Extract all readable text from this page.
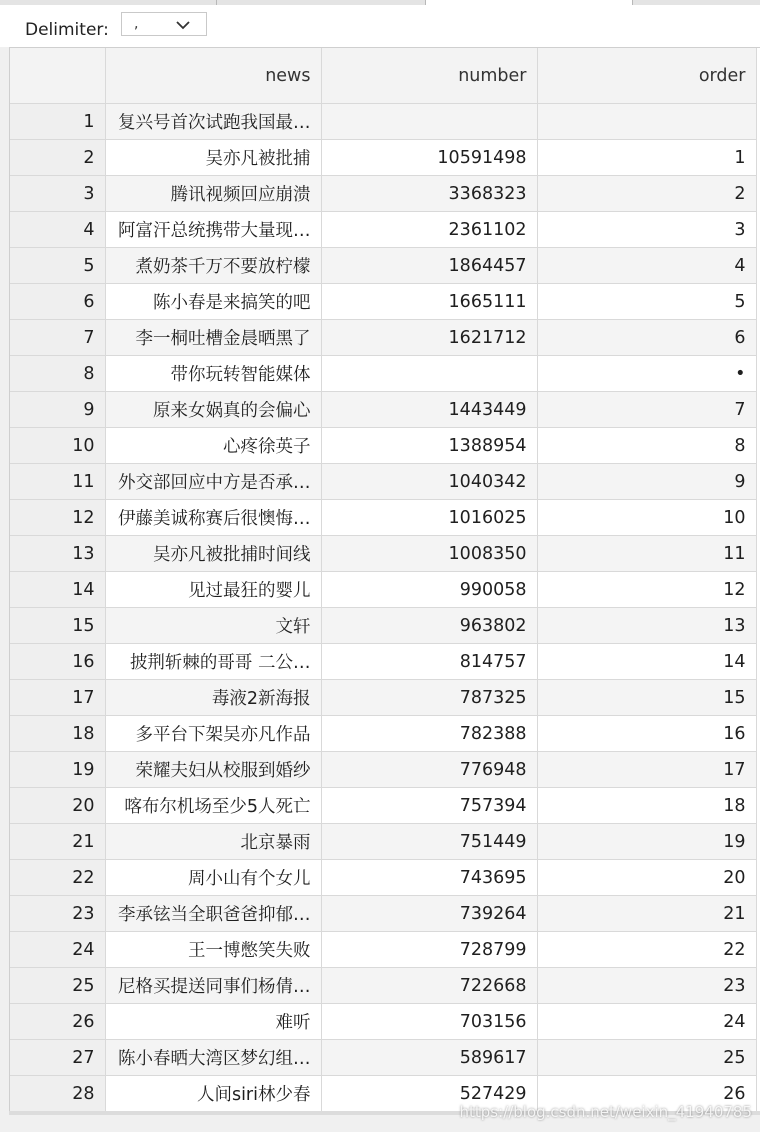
Delimiter: ,
	news	number	order
1	复兴号首次试跑我国最…		
2	吴亦凡被批捕	10591498	1
3	腾讯视频回应崩溃	3368323	2
4	阿富汗总统携带大量现…	2361102	3
5	煮奶茶千万不要放柠檬	1864457	4
6	陈小春是来搞笑的吧	1665111	5
7	李一桐吐槽金晨晒黑了	1621712	6
8	带你玩转智能媒体		•
9	原来女娲真的会偏心	1443449	7
10	心疼徐英子	1388954	8
11	外交部回应中方是否承…	1040342	9
12	伊藤美诚称赛后很懊悔…	1016025	10
13	吴亦凡被批捕时间线	1008350	11
14	见过最狂的婴儿	990058	12
15	文轩	963802	13
16	披荆斩棘的哥哥 二公…	814757	14
17	毒液2新海报	787325	15
18	多平台下架吴亦凡作品	782388	16
19	荣耀夫妇从校服到婚纱	776948	17
20	喀布尔机场至少5人死亡	757394	18
21	北京暴雨	751449	19
22	周小山有个女儿	743695	20
23	李承铉当全职爸爸抑郁…	739264	21
24	王一博憋笑失败	728799	22
25	尼格买提送同事们杨倩…	722668	23
26	难听	703156	24
27	陈小春晒大湾区梦幻组…	589617	25
28	人间siri林少春	527429	26
https://blog.csdn.net/weixin_41940785
